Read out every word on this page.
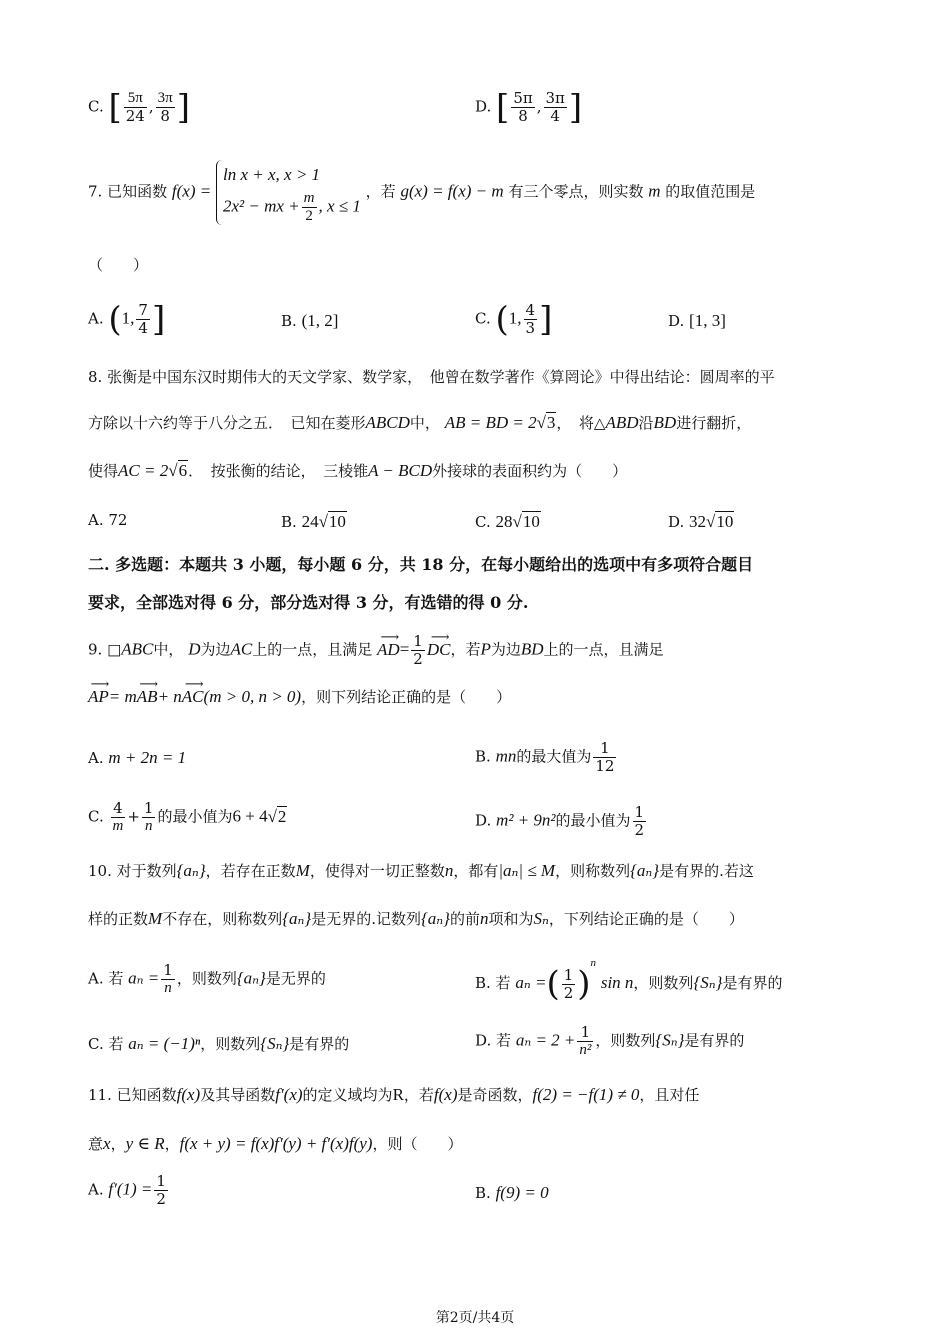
C. [ $\frac{5\pi}{24}$ , $\frac{3\pi}{8}$ ]	D. [ $\frac{5\pi}{8}$ , $\frac{3\pi}{4}$ ]
7. 已知函数 f(x) =
ln x + x, x > 1
2x² − mx + $\frac{m}{2}$ , x ≤ 1
，若 g(x) = f(x) − m 有三个零点，则实数 m 的取值范围是
（　　）
A. (1, $\frac{7}{4}$ ]	B. (1, 2]	C. (1, $\frac{4}{3}$ ]	D. [1, 3]
8. 张衡是中国东汉时期伟大的天文学家、数学家，　他曾在数学著作《算罔论》中得出结论：圆周率的平
方除以十六约等于八分之五．　已知在菱形ABCD中， AB = BD = 2√3，　将△ABD沿BD进行翻折，
使得AC = 2√6．　按张衡的结论，　三棱锥A − BCD外接球的表面积约为（　　）
A. 72	B. 24√10	C. 28√10	D. 32√10
二. 多选题：本题共 3 小题，每小题 6 分，共 18 分，在每小题给出的选项中有多项符合题目
要求，全部选对得 6 分，部分选对得 3 分，有选错的得 0 分.
9. □ABC中， D为边AC上的一点，且满足 ⟶ $AD= \frac{1}{2}$ ⟶ DC，若P为边BD上的一点，且满足
⟶ AP= m⟶ AB+ n⟶ AC(m > 0, n > 0)，则下列结论正确的是（　　）
A. m + 2n = 1	B. mn的最大值为 $\frac{1}{12}$
C. $\frac{4}{m} + \frac{1}{n}$ 的最小值为6 + 4√2	D. m² + 9n²的最小值为 $\frac{1}{2}$
10. 对于数列{aₙ}，若存在正数M，使得对一切正整数n，都有|aₙ| ≤ M，则称数列{aₙ}是有界的.若这
样的正数M不存在，则称数列{aₙ}是无界的.记数列{aₙ}的前n项和为Sₙ，下列结论正确的是（　　）
A. 若 $a_n = \frac{1}{n}$ ，则数列{aₙ}是无界的	B. 若 aₙ =( $\frac{1}{2} )^n$ sin n，则数列{Sₙ}是有界的
C. 若 aₙ = (−1)ⁿ，则数列{Sₙ}是有界的	D. 若 $a_n = 2 + \frac{1}{\text{n²}}$ ，则数列{Sₙ}是有界的
11. 已知函数f(x)及其导函数f′(x)的定义域均为R，若f(x)是奇函数，f(2) = −f(1) ≠ 0，且对任
意x，y ∈ R，f(x + y) = f(x)f′(y) + f′(x)f(y)，则（　　）
A. $f'(1) = \frac{1}{2}$	B. f(9) = 0
第2页/共4页
